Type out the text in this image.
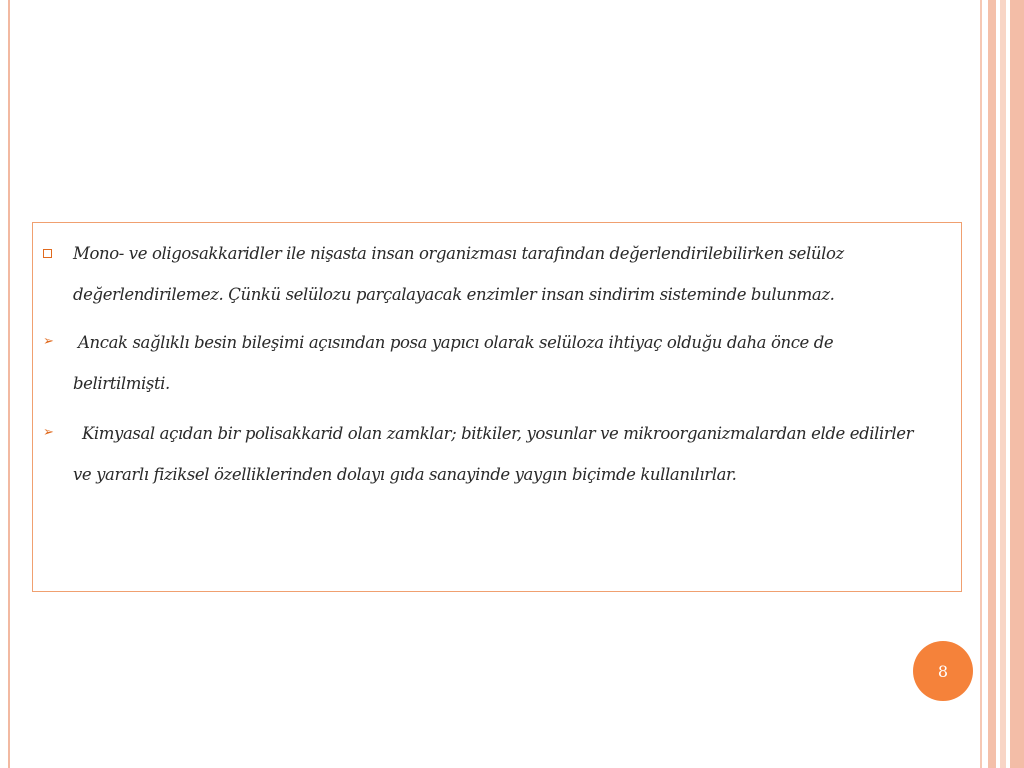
Mono- ve oligosakkaridler ile nişasta insan organizması tarafından değerlendirilebilirken selüloz değerlendirilemez. Çünkü selülozu parçalayacak enzimler insan sindirim sisteminde bulunmaz.
➢	Ancak sağlıklı besin bileşimi açısından posa yapıcı olarak selüloza ihtiyaç olduğu daha önce de belirtilmişti.
➢	Kimyasal açıdan bir polisakkarid olan zamklar; bitkiler, yosunlar ve mikroorganizmalardan elde edilirler ve yararlı fiziksel özelliklerinden dolayı gıda sanayinde yaygın biçimde kullanılırlar.
8
